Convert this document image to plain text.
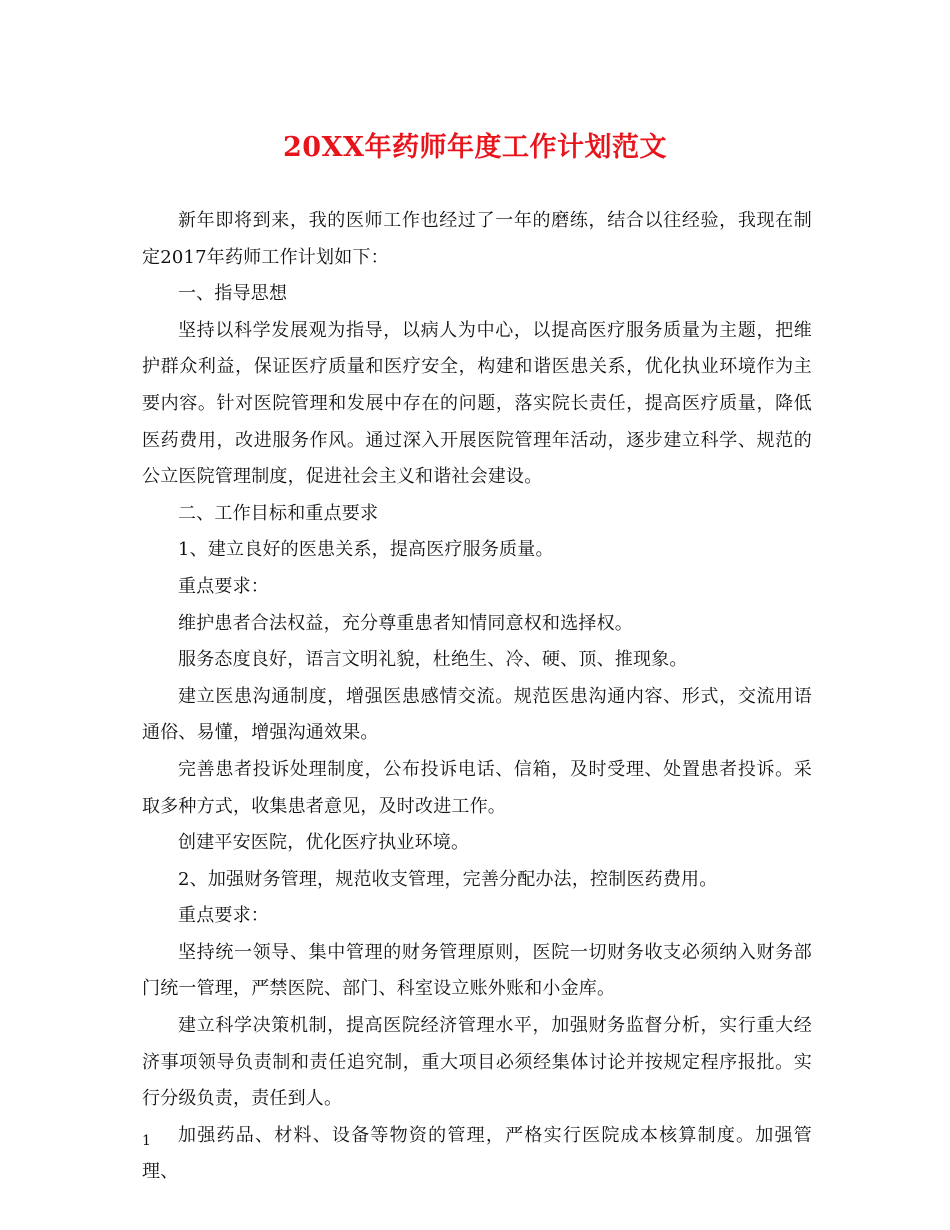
20XX年药师年度工作计划范文

新年即将到来，我的医师工作也经过了一年的磨练，结合以往经验，我现在制定2017年药师工作计划如下：

一、指导思想

坚持以科学发展观为指导，以病人为中心，以提高医疗服务质量为主题，把维护群众利益，保证医疗质量和医疗安全，构建和谐医患关系，优化执业环境作为主要内容。针对医院管理和发展中存在的问题，落实院长责任，提高医疗质量，降低医药费用，改进服务作风。通过深入开展医院管理年活动，逐步建立科学、规范的公立医院管理制度，促进社会主义和谐社会建设。

二、工作目标和重点要求

1、建立良好的医患关系，提高医疗服务质量。

重点要求：

维护患者合法权益，充分尊重患者知情同意权和选择权。

服务态度良好，语言文明礼貌，杜绝生、冷、硬、顶、推现象。

建立医患沟通制度，增强医患感情交流。规范医患沟通内容、形式，交流用语通俗、易懂，增强沟通效果。

完善患者投诉处理制度，公布投诉电话、信箱，及时受理、处置患者投诉。采取多种方式，收集患者意见，及时改进工作。

创建平安医院，优化医疗执业环境。

2、加强财务管理，规范收支管理，完善分配办法，控制医药费用。

重点要求：

坚持统一领导、集中管理的财务管理原则，医院一切财务收支必须纳入财务部门统一管理，严禁医院、部门、科室设立账外账和小金库。

建立科学决策机制，提高医院经济管理水平，加强财务监督分析，实行重大经济事项领导负责制和责任追究制，重大项目必须经集体讨论并按规定程序报批。实行分级负责，责任到人。

加强药品、材料、设备等物资的管理，严格实行医院成本核算制度。加强管理、

1
